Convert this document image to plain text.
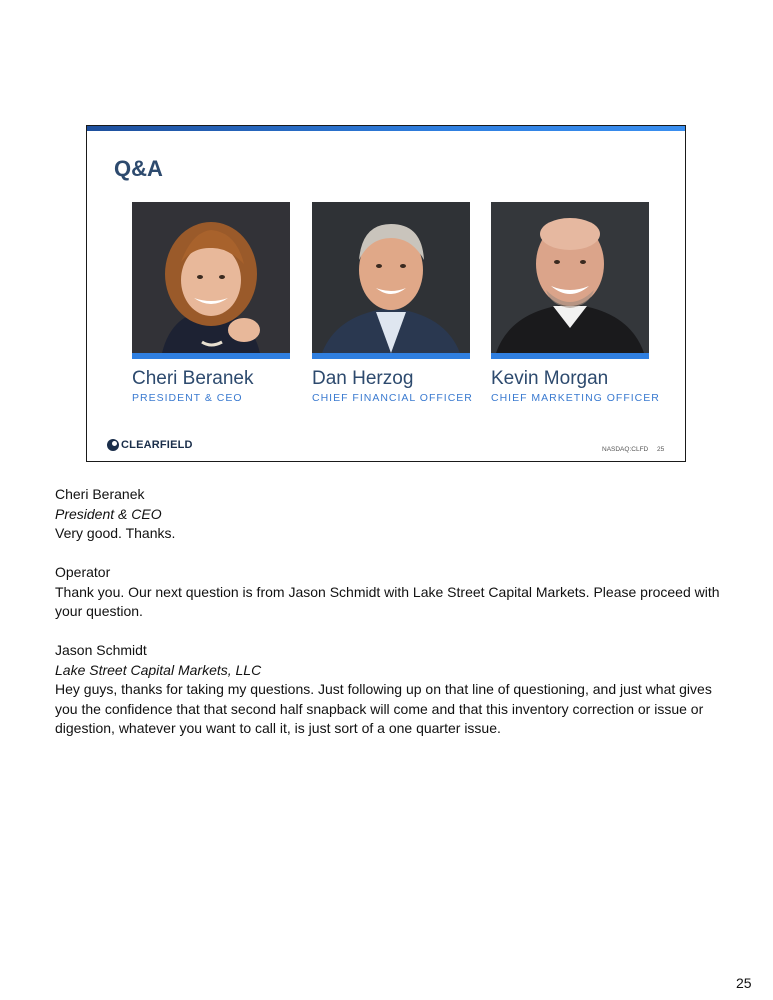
Q&A
Cheri Beranek
PRESIDENT & CEO
Dan Herzog
CHIEF FINANCIAL OFFICER
Kevin Morgan
CHIEF MARKETING OFFICER
CLEARFIELD	NASDAQ:CLFD 25

Cheri Beranek

President & CEO

Very good. Thanks.

Operator

Thank you. Our next question is from Jason Schmidt with Lake Street Capital Markets. Please proceed with your question.

Jason Schmidt

Lake Street Capital Markets, LLC

Hey guys, thanks for taking my questions. Just following up on that line of questioning, and just what gives you the confidence that that second half snapback will come and that this inventory correction or issue or digestion, whatever you want to call it, is just sort of a one quarter issue.

25
